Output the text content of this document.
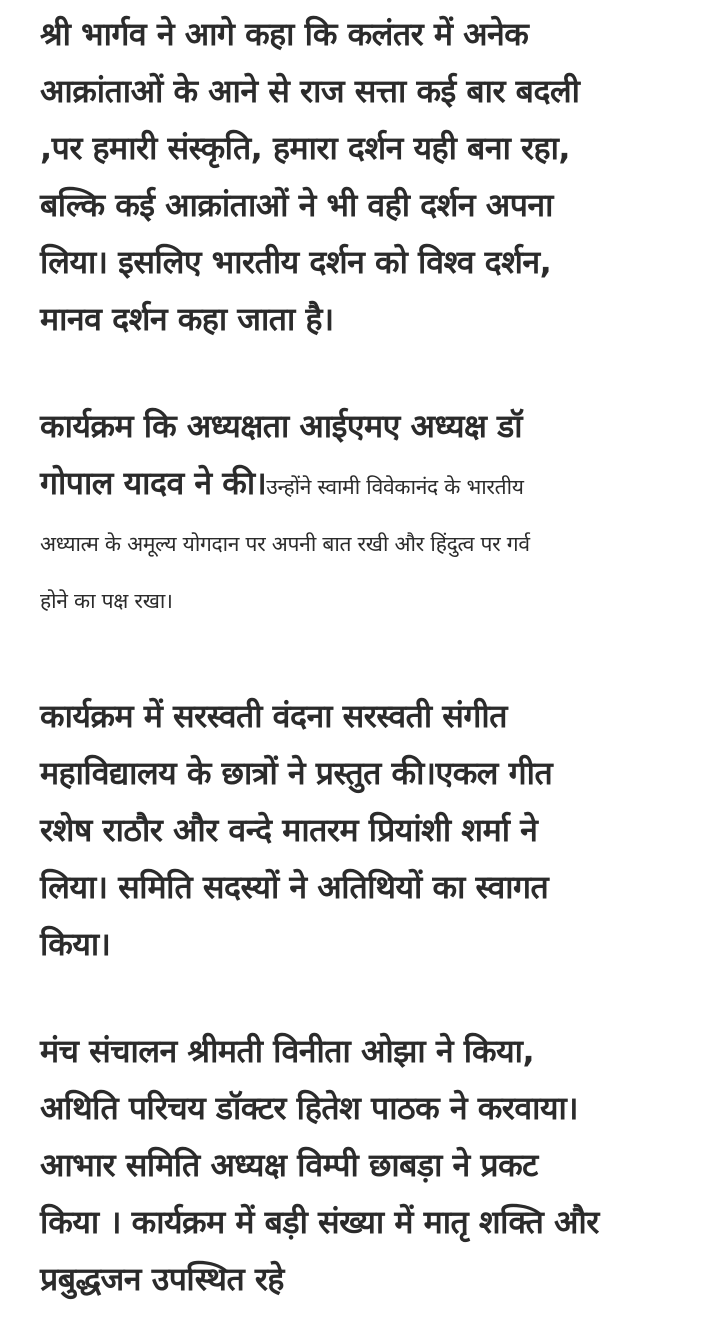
श्री भार्गव ने आगे कहा कि कलंतर में अनेक
आक्रांताओं के आने से राज सत्ता कई बार बदली
,पर हमारी संस्कृति, हमारा दर्शन यही बना रहा,
बल्कि कई आक्रांताओं ने भी वही दर्शन अपना
लिया। इसलिए भारतीय दर्शन को विश्व दर्शन,
मानव दर्शन कहा जाता है।

कार्यक्रम कि अध्यक्षता आईएमए अध्यक्ष डॉ
गोपाल यादव ने की।उन्होंने स्वामी विवेकानंद के भारतीय
अध्यात्म के अमूल्य योगदान पर अपनी बात रखी और हिंदुत्व पर गर्व
होने का पक्ष रखा।

कार्यक्रम में सरस्वती वंदना सरस्वती संगीत
महाविद्यालय के छात्रों ने प्रस्तुत की।एकल गीत
रशेष राठौर और वन्दे मातरम प्रियांशी शर्मा ने
लिया। समिति सदस्यों ने अतिथियों का स्वागत
किया।

मंच संचालन श्रीमती विनीता ओझा ने किया,
अथिति परिचय डॉक्टर हितेश पाठक ने करवाया।
आभार समिति अध्यक्ष विम्पी छाबड़ा ने प्रकट
किया । कार्यक्रम में बड़ी संख्या में मातृ शक्ति और
प्रबुद्धजन उपस्थित रहे
